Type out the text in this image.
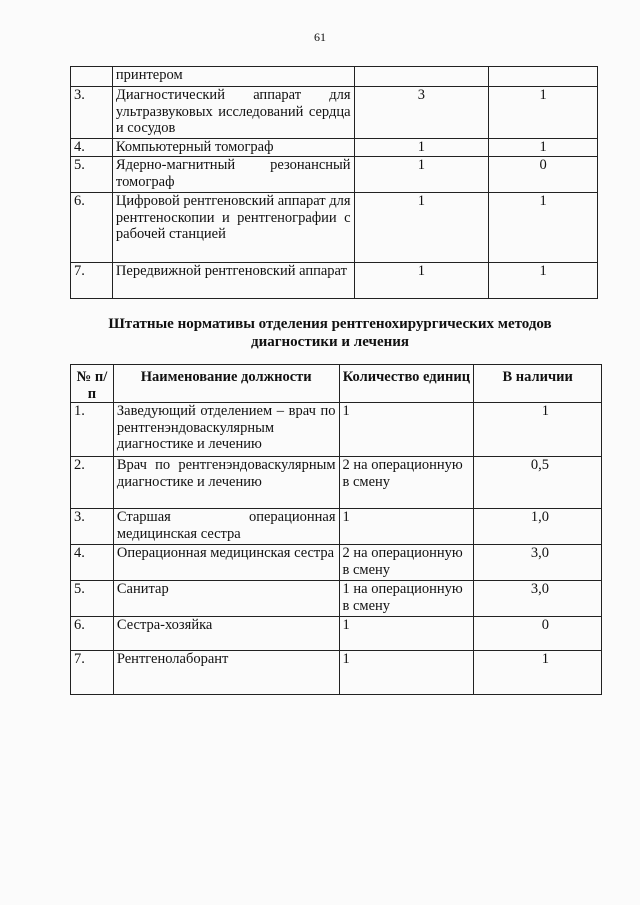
61
	принтером		
3.	Диагностический аппарат для ультразвуковых исследований сердца и сосудов	3	1
4.	Компьютерный томограф	1	1
5.	Ядерно-магнитный резонансный томограф	1	0
6.	Цифровой рентгеновский аппарат для рентгеноскопии и рентгенографии с рабочей станцией	1	1
7.	Передвижной рентгеновский аппарат	1	1
Штатные нормативы отделения рентгенохирургических методов диагностики и лечения
№ п/п	Наименование должности	Количество единиц	В наличии
1.	Заведующий отделением – врач по рентгенэндоваскулярным диагностике и лечению	1	1
2.	Врач по рентгенэндоваскулярным диагностике и лечению	2 на операционную в смену	0,5
3.	Старшая операционная медицинская сестра	1	1,0
4.	Операционная медицинская сестра	2 на операционную в смену	3,0
5.	Санитар	1 на операционную в смену	3,0
6.	Сестра-хозяйка	1	0
7.	Рентгенолаборант	1	1
